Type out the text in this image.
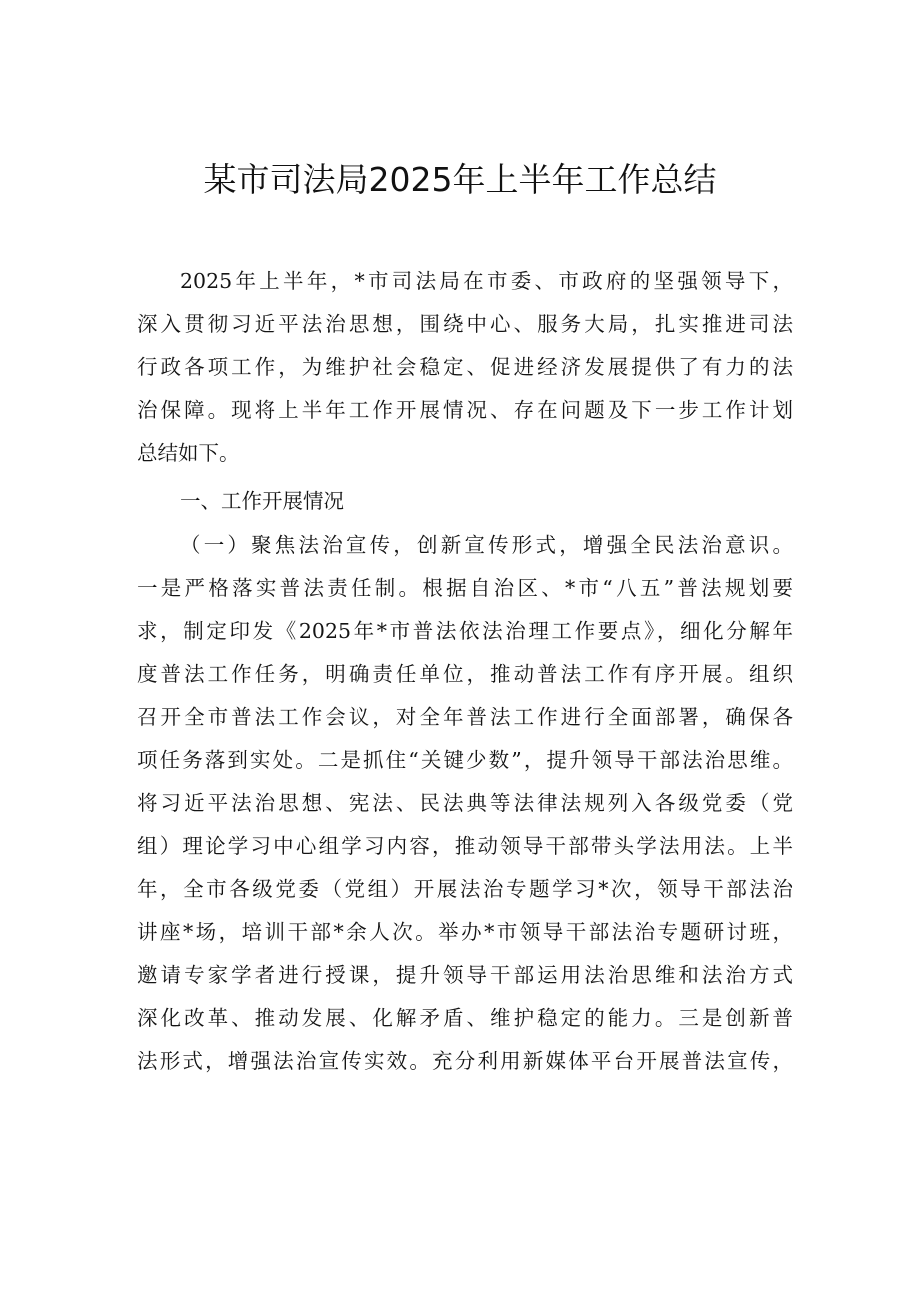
某市司法局2025年上半年工作总结
2025年上半年，*市司法局在市委、市政府的坚强领导下，
深入贯彻习近平法治思想，围绕中心、服务大局，扎实推进司法
行政各项工作，为维护社会稳定、促进经济发展提供了有力的法
治保障。现将上半年工作开展情况、存在问题及下一步工作计划
总结如下。
一、工作开展情况
（一）聚焦法治宣传，创新宣传形式，增强全民法治意识。
一是严格落实普法责任制。根据自治区、*市“八五”普法规划要
求，制定印发《2025年*市普法依法治理工作要点》，细化分解年
度普法工作任务，明确责任单位，推动普法工作有序开展。组织
召开全市普法工作会议，对全年普法工作进行全面部署，确保各
项任务落到实处。二是抓住“关键少数”，提升领导干部法治思维。
将习近平法治思想、宪法、民法典等法律法规列入各级党委（党
组）理论学习中心组学习内容，推动领导干部带头学法用法。上半
年，全市各级党委（党组）开展法治专题学习*次，领导干部法治
讲座*场，培训干部*余人次。举办*市领导干部法治专题研讨班，
邀请专家学者进行授课，提升领导干部运用法治思维和法治方式
深化改革、推动发展、化解矛盾、维护稳定的能力。三是创新普
法形式，增强法治宣传实效。充分利用新媒体平台开展普法宣传，
